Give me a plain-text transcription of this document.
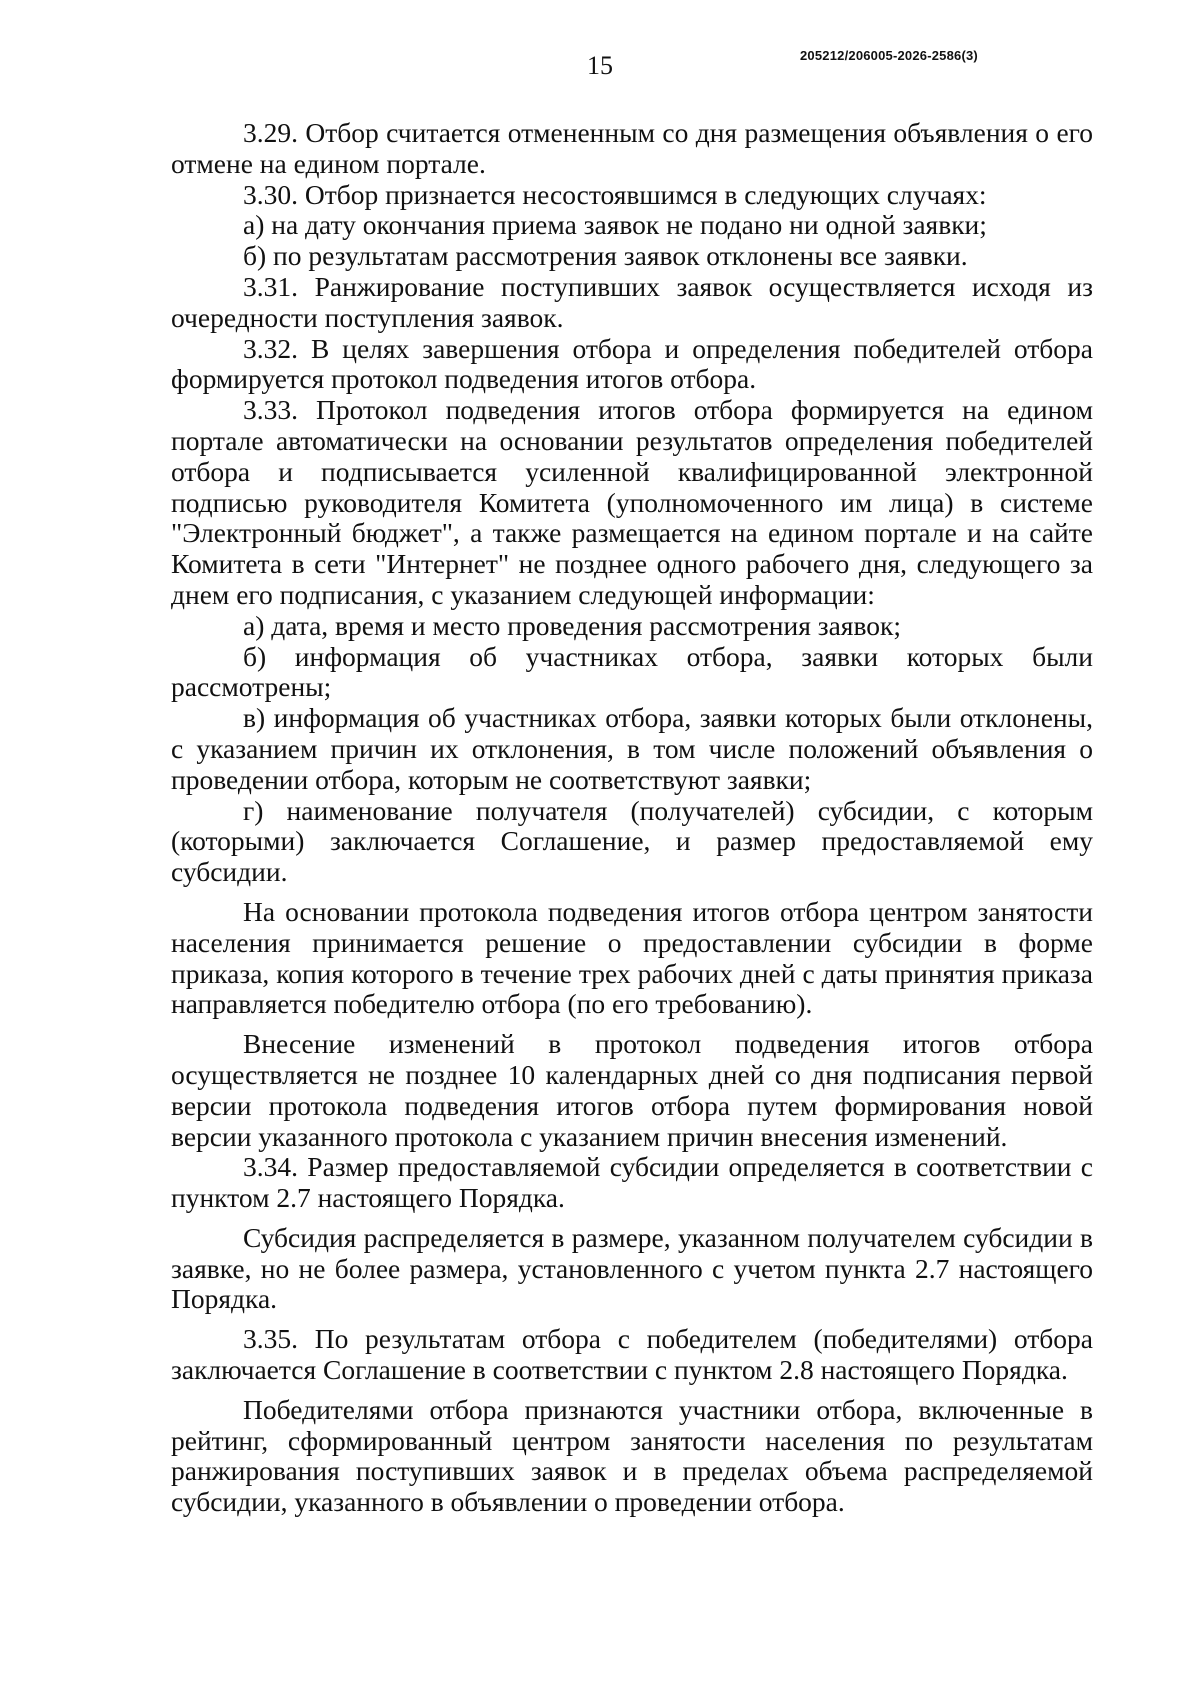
15	205212/206005-2026-2586(3)

3.29. Отбор считается отмененным со дня размещения объявления о его отмене на едином портале.

3.30. Отбор признается несостоявшимся в следующих случаях:

а) на дату окончания приема заявок не подано ни одной заявки;

б) по результатам рассмотрения заявок отклонены все заявки.

3.31. Ранжирование поступивших заявок осуществляется исходя из очередности поступления заявок.

3.32. В целях завершения отбора и определения победителей отбора формируется протокол подведения итогов отбора.

3.33. Протокол подведения итогов отбора формируется на едином портале автоматически на основании результатов определения победителей отбора и подписывается усиленной квалифицированной электронной подписью руководителя Комитета (уполномоченного им лица) в системе "Электронный бюджет", а также размещается на едином портале и на сайте Комитета в сети "Интернет" не позднее одного рабочего дня, следующего за днем его подписания, с указанием следующей информации:

а) дата, время и место проведения рассмотрения заявок;

б) информация об участниках отбора, заявки которых были рассмотрены;

в) информация об участниках отбора, заявки которых были отклонены, с указанием причин их отклонения, в том числе положений объявления о проведении отбора, которым не соответствуют заявки;

г) наименование получателя (получателей) субсидии, с которым (которыми) заключается Соглашение, и размер предоставляемой ему субсидии.

На основании протокола подведения итогов отбора центром занятости населения принимается решение о предоставлении субсидии в форме приказа, копия которого в течение трех рабочих дней с даты принятия приказа направляется победителю отбора (по его требованию).

Внесение изменений в протокол подведения итогов отбора осуществляется не позднее 10 календарных дней со дня подписания первой версии протокола подведения итогов отбора путем формирования новой версии указанного протокола с указанием причин внесения изменений.

3.34. Размер предоставляемой субсидии определяется в соответствии с пунктом 2.7 настоящего Порядка.

Субсидия распределяется в размере, указанном получателем субсидии в заявке, но не более размера, установленного с учетом пункта 2.7 настоящего Порядка.

3.35. По результатам отбора с победителем (победителями) отбора заключается Соглашение в соответствии с пунктом 2.8 настоящего Порядка.

Победителями отбора признаются участники отбора, включенные в рейтинг, сформированный центром занятости населения по результатам ранжирования поступивших заявок и в пределах объема распределяемой субсидии, указанного в объявлении о проведении отбора.
